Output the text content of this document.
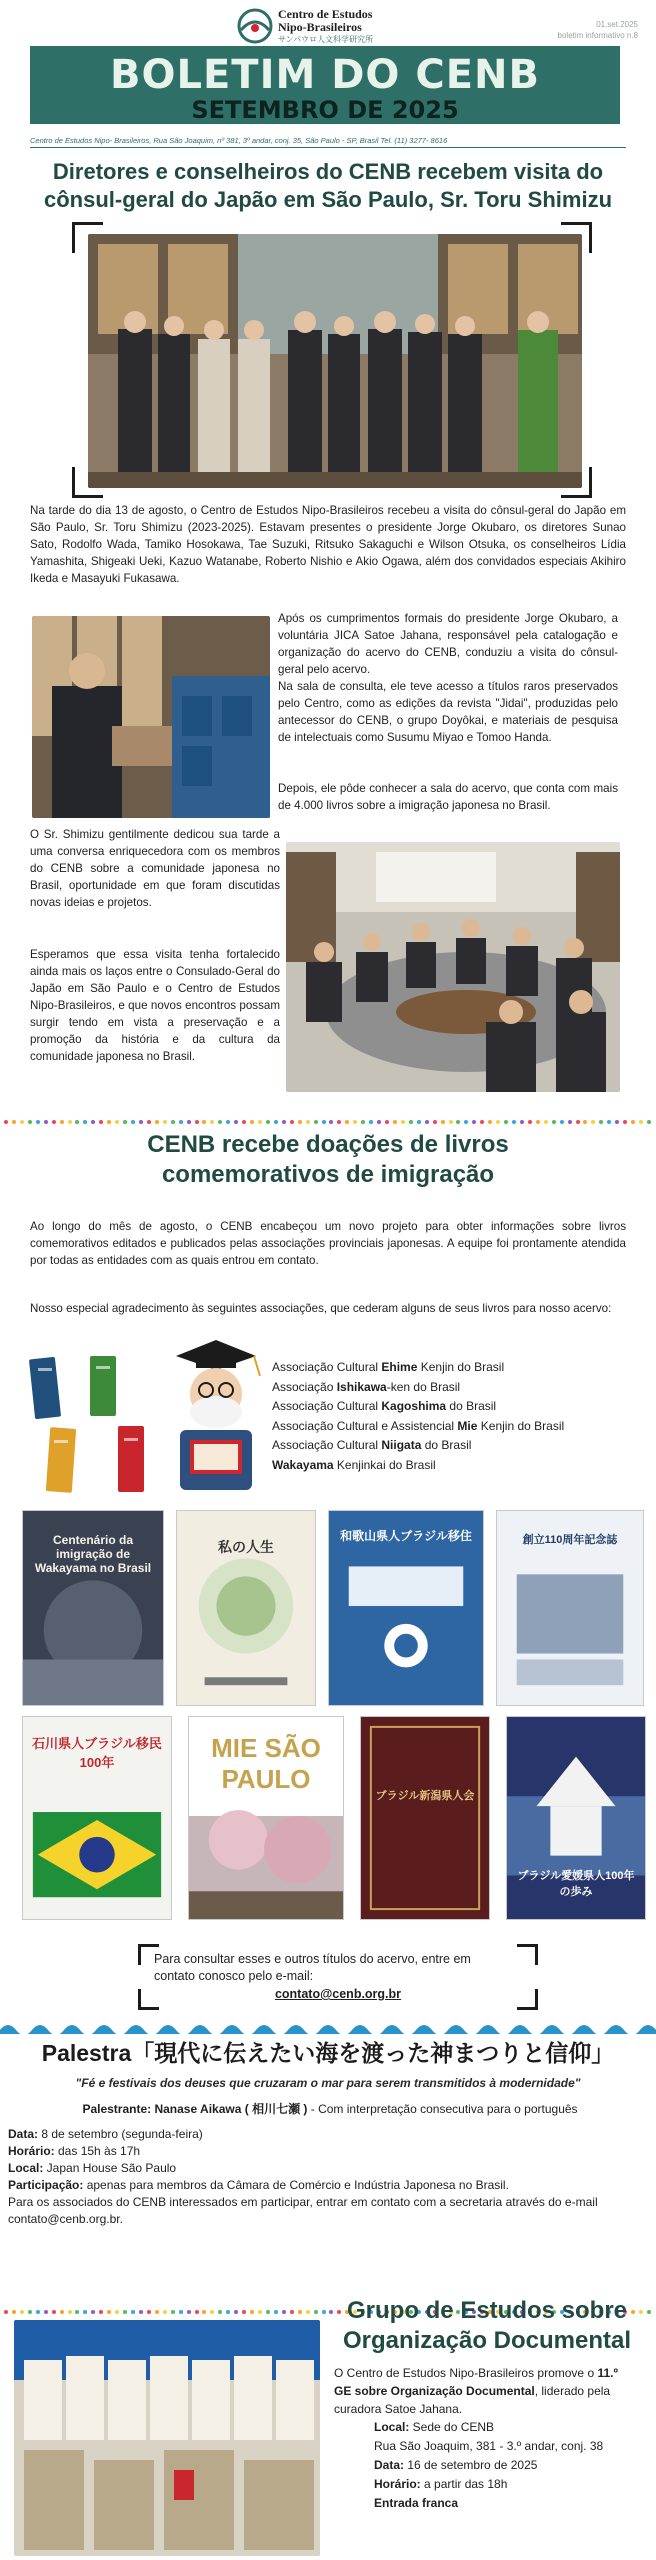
Centro de Estudos
Nipo-Brasileiros
サンパウロ人文科学研究所
01.set.2025
boletim informativo n.8
BOLETIM DO CENB
SETEMBRO DE 2025
Centro de Estudos Nipo- Brasileiros, Rua São Joaquim, nº 381, 3º andar, conj. 35, São Paulo - SP, Brasil Tel. (11) 3277- 8616
Diretores e conselheiros do CENB recebem visita do cônsul-geral do Japão em São Paulo, Sr. Toru Shimizu
Na tarde do dia 13 de agosto, o Centro de Estudos Nipo-Brasileiros recebeu a visita do cônsul-geral do Japão em São Paulo, Sr. Toru Shimizu (2023-2025). Estavam presentes o presidente Jorge Okubaro, os diretores Sunao Sato, Rodolfo Wada, Tamiko Hosokawa, Tae Suzuki, Ritsuko Sakaguchi e Wilson Otsuka, os conselheiros Lídia Yamashita, Shigeaki Ueki, Kazuo Watanabe, Roberto Nishio e Akio Ogawa, além dos convidados especiais Akihiro Ikeda e Masayuki Fukasawa.
Após os cumprimentos formais do presidente Jorge Okubaro, a voluntária JICA Satoe Jahana, responsável pela catalogação e organização do acervo do CENB, conduziu a visita do cônsul-geral pelo acervo.
Na sala de consulta, ele teve acesso a títulos raros preservados pelo Centro, como as edições da revista "Jidai", produzidas pelo antecessor do CENB, o grupo Doyôkai, e materiais de pesquisa de intelectuais como Susumu Miyao e Tomoo Handa.
Depois, ele pôde conhecer a sala do acervo, que conta com mais de 4.000 livros sobre a imigração japonesa no Brasil.
O Sr. Shimizu gentilmente dedicou sua tarde a uma conversa enriquecedora com os membros do CENB sobre a comunidade japonesa no Brasil, oportunidade em que foram discutidas novas ideias e projetos.
Esperamos que essa visita tenha fortalecido ainda mais os laços entre o Consulado-Geral do Japão em São Paulo e o Centro de Estudos Nipo-Brasileiros, e que novos encontros possam surgir tendo em vista a preservação e a promoção da história e da cultura da comunidade japonesa no Brasil.
CENB recebe doações de livros
comemorativos de imigração
Ao longo do mês de agosto, o CENB encabeçou um novo projeto para obter informações sobre livros comemorativos editados e publicados pelas associações provinciais japonesas. A equipe foi prontamente atendida por todas as entidades com as quais entrou em contato.
Nosso especial agradecimento às seguintes associações, que cederam alguns de seus livros para nosso acervo:
Associação Cultural Ehime Kenjin do Brasil
Associação Ishikawa-ken do Brasil
Associação Cultural Kagoshima do Brasil
Associação Cultural e Assistencial Mie Kenjin do Brasil
Associação Cultural Niigata do Brasil
Wakayama Kenjinkai do Brasil
Centenário da imigração de Wakayama no Brasil
私の人生
和歌山県人ブラジル移住	創立110周年記念誌
石川県人ブラジル移民100年	MIE SÃO PAULO
ブラジル新潟県人会
ブラジル愛媛県人100年の歩み
Para consultar esses e outros títulos do acervo, entre em
contato conosco pelo e-mail:
contato@cenb.org.br
Palestra「現代に伝えたい海を渡った神まつりと信仰」
"Fé e festivais dos deuses que cruzaram o mar para serem transmitidos à modernidade"
Palestrante: Nanase Aikawa ( 相川七瀬 ) - Com interpretação consecutiva para o português
Data: 8 de setembro (segunda-feira)
Horário: das 15h às 17h
Local: Japan House São Paulo
Participação: apenas para membros da Câmara de Comércio e Indústria Japonesa no Brasil.
Para os associados do CENB interessados em participar, entrar em contato com a secretaria através do e-mail contato@cenb.org.br.
Grupo de Estudos sobre
Organização Documental
O Centro de Estudos Nipo-Brasileiros promove o 11.º GE sobre Organização Documental, liderado pela curadora Satoe Jahana.
Local: Sede do CENB
Rua São Joaquim, 381 - 3.º andar, conj. 38
Data: 16 de setembro de 2025
Horário: a partir das 18h
Entrada franca
